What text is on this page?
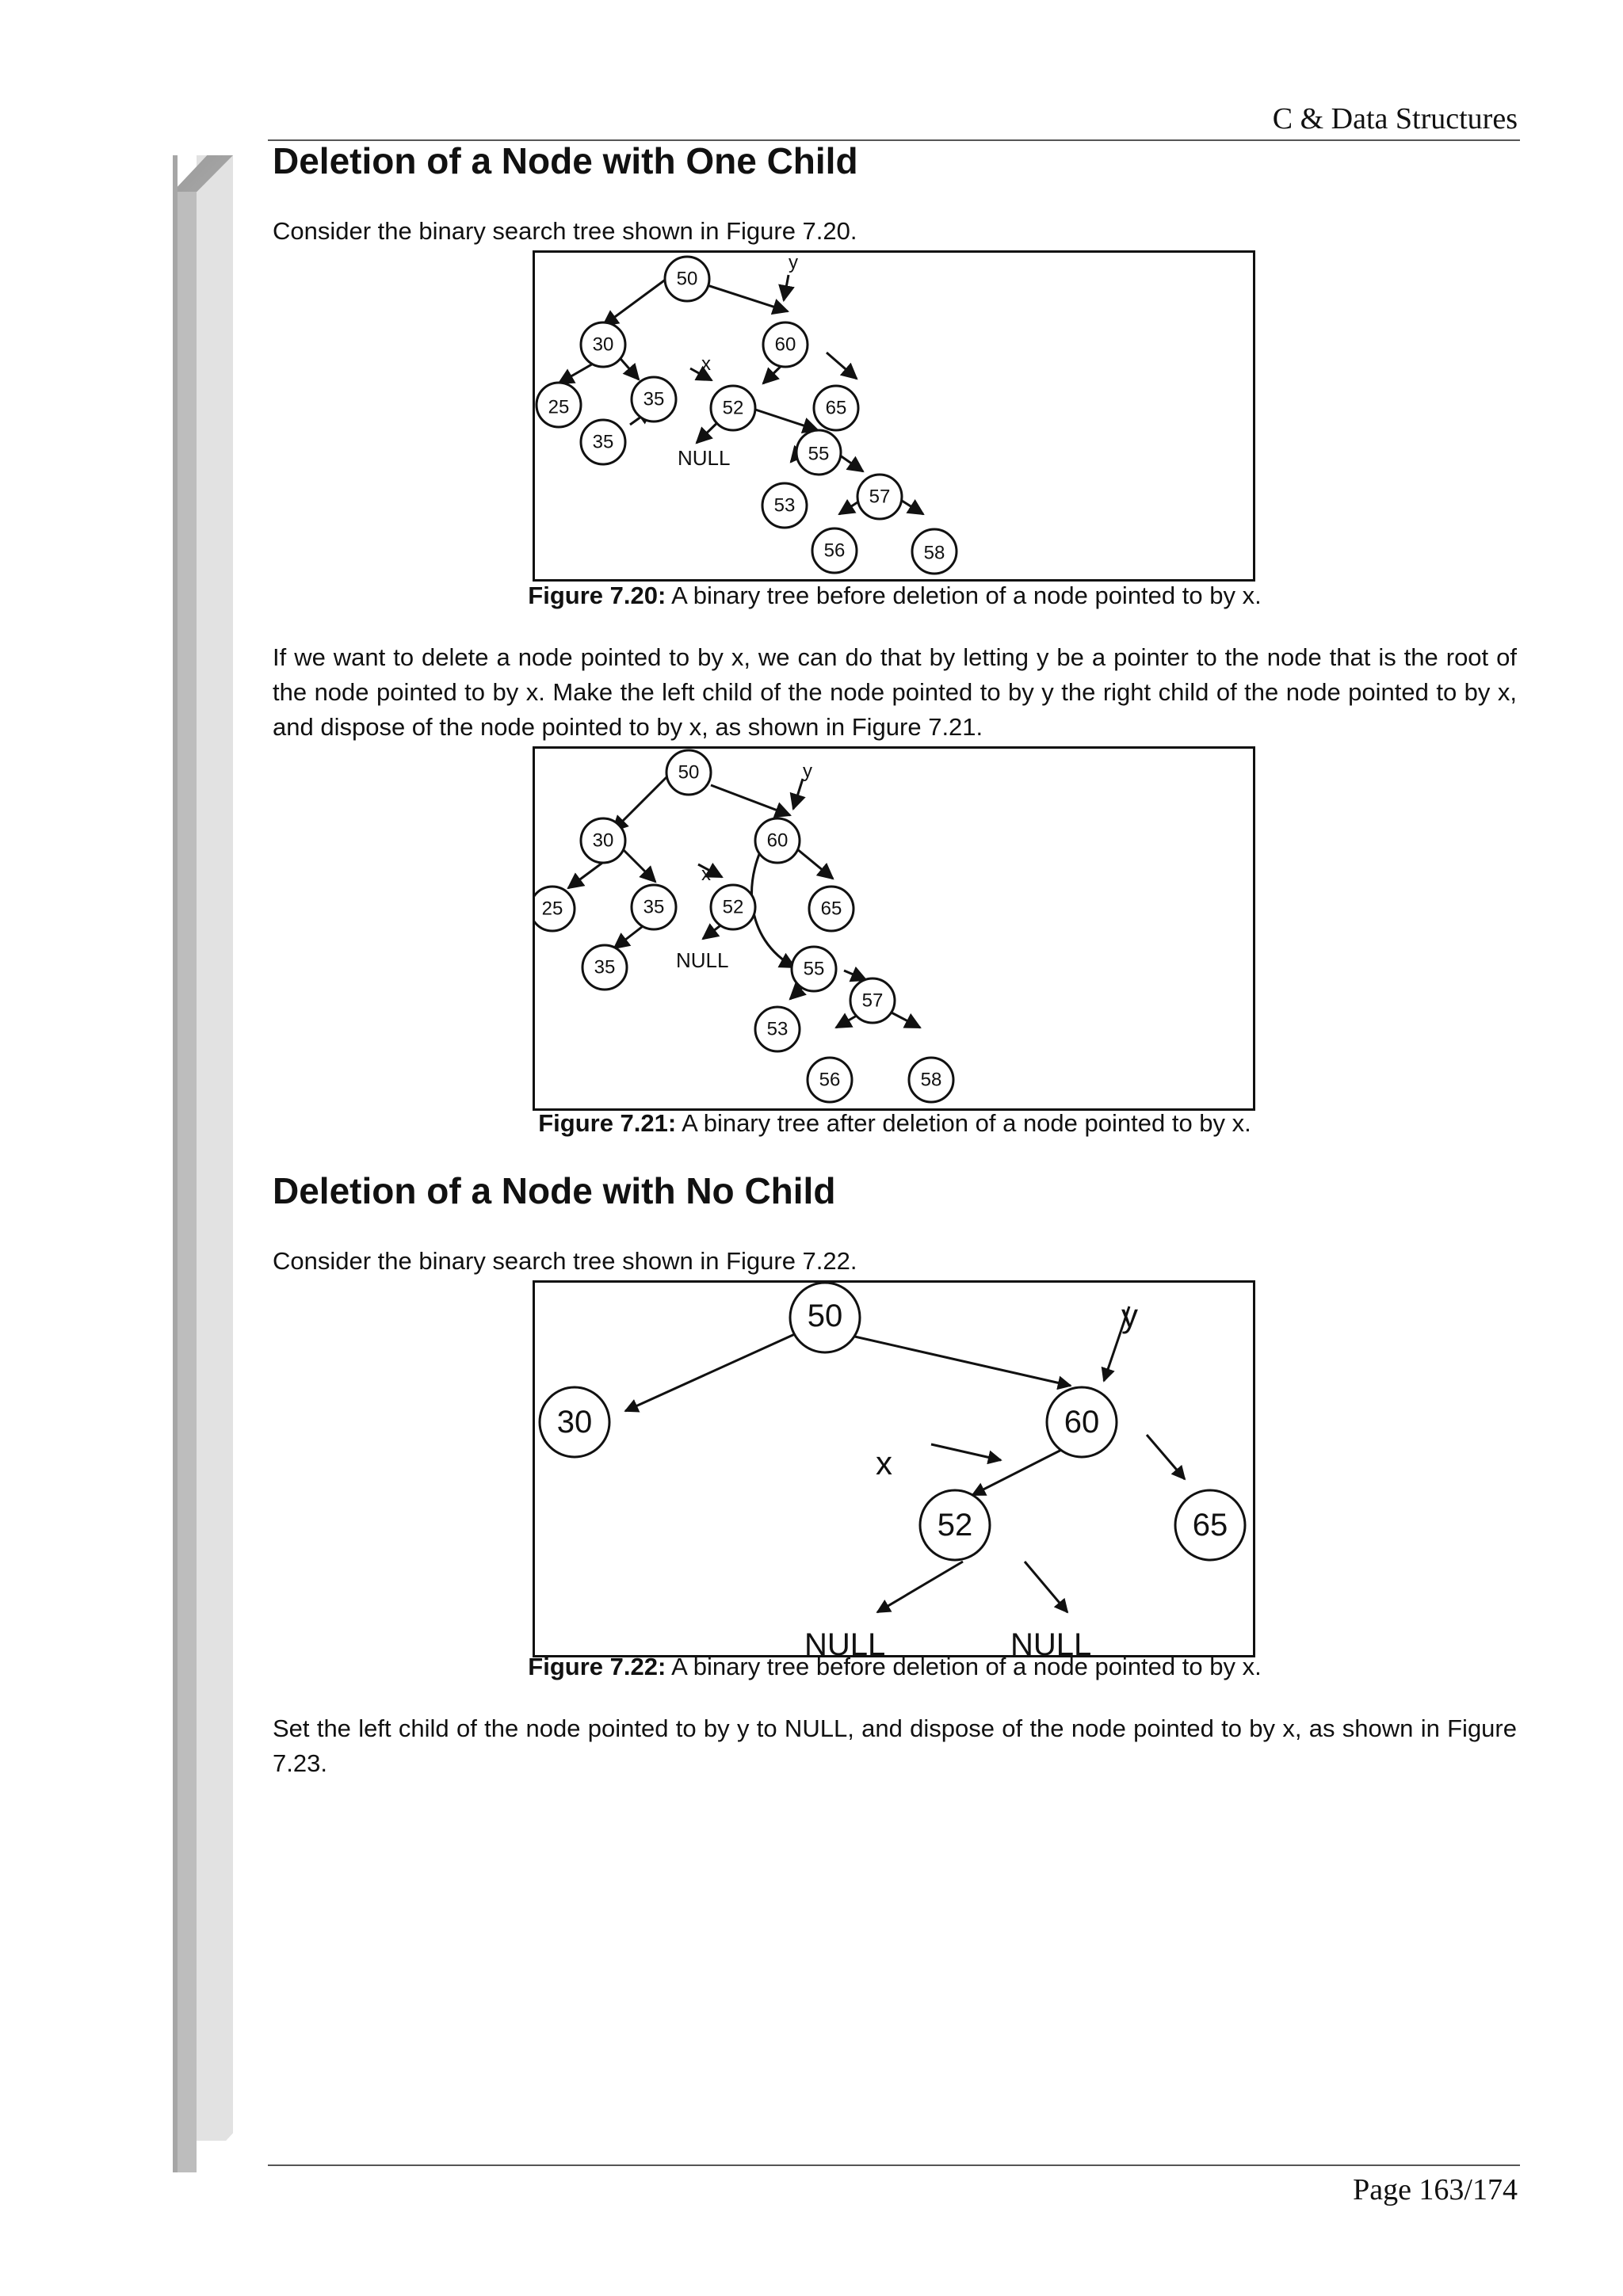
C & Data Structures
Deletion of a Node with One Child

Consider the binary search tree shown in Figure 7.20.

50
30	60
25	35
35
52	65
55
53	57
56	58
x
y
NULL

Figure 7.20: A binary tree before deletion of a node pointed to by x.

If we want to delete a node pointed to by x, we can do that by letting y be a pointer to the node that is the root of the node pointed to by x. Make the left child of the node pointed to by y the right child of the node pointed to by x, and dispose of the node pointed to by x, as shown in Figure 7.21.

50
30	60
25	35
35
52	65
55
53
57
56	58
x
y
NULL

Figure 7.21: A binary tree after deletion of a node pointed to by x.

Deletion of a Node with No Child

Consider the binary search tree shown in Figure 7.22.

50
30	60
52	65
x
y
NULL	NULL

Figure 7.22: A binary tree before deletion of a node pointed to by x.

Set the left child of the node pointed to by y to NULL, and dispose of the node pointed to by x, as shown in Figure 7.23.

Page 163/174
